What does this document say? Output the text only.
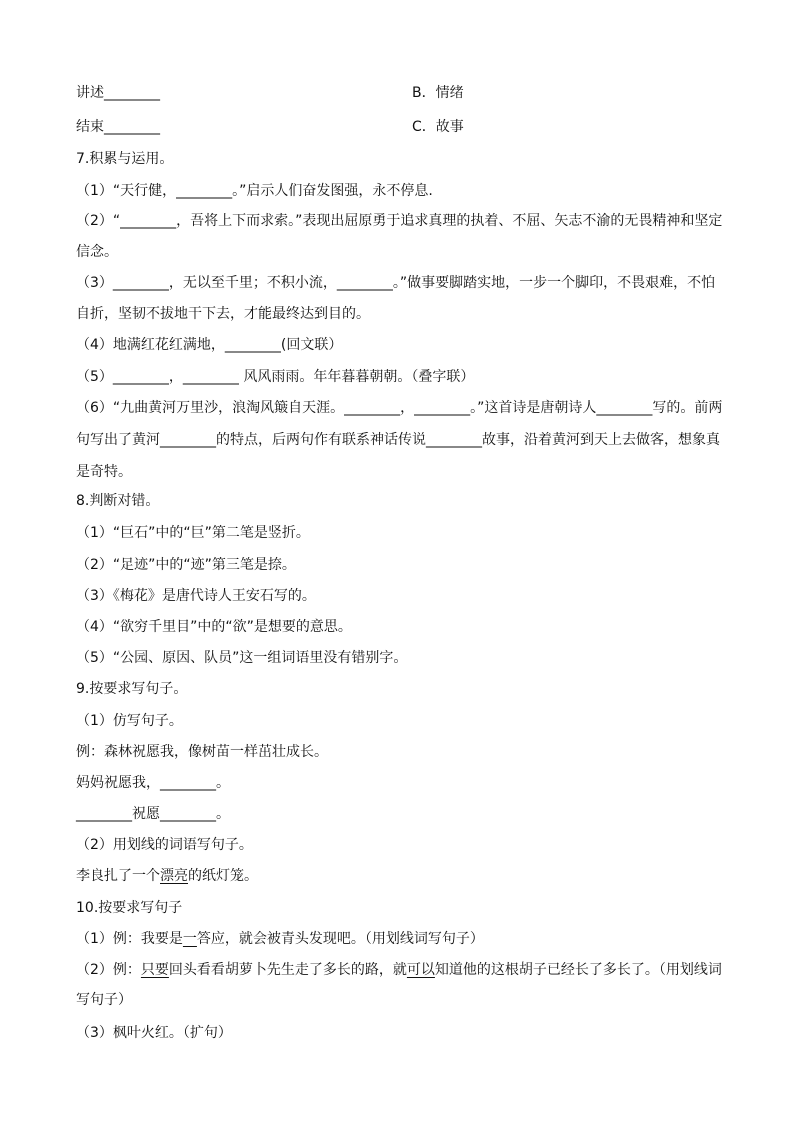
讲述________	B．情绪
结束________	C．故事
7.积累与运用。
（1）“天行健，________。”启示人们奋发图强，永不停息.
（2）“________，吾将上下而求索。”表现出屈原勇于追求真理的执着、不屈、矢志不渝的无畏精神和坚定信念。
（3）________，无以至千里；不积小流，________。”做事要脚踏实地，一步一个脚印，不畏艰难，不怕自折，坚韧不拔地干下去，才能最终达到目的。
（4）地满红花红满地，________(回文联）
（5）________，________ 风风雨雨。年年暮暮朝朝。（叠字联）
（6）“九曲黄河万里沙，浪淘风簸自天涯。________，________。”这首诗是唐朝诗人________写的。前两句写出了黄河________的特点，后两句作有联系神话传说________故事，沿着黄河到天上去做客，想象真是奇特。
8.判断对错。
（1）“巨石”中的“巨”第二笔是竖折。
（2）“足迹”中的“迹”第三笔是捺。
（3）《梅花》是唐代诗人王安石写的。
（4）“欲穷千里目”中的“欲”是想要的意思。
（5）“公园、原因、队员”这一组词语里没有错别字。
9.按要求写句子。
（1）仿写句子。
例：森林祝愿我，像树苗一样茁壮成长。
妈妈祝愿我，________。
________祝愿________。
（2）用划线的词语写句子。
李良扎了一个漂亮的纸灯笼。
10.按要求写句子
（1）例：我要是一答应，就会被青头发现吧。（用划线词写句子）
（2）例：只要回头看看胡萝卜先生走了多长的路，就可以知道他的这根胡子已经长了多长了。（用划线词写句子）
（3）枫叶火红。（扩句）
